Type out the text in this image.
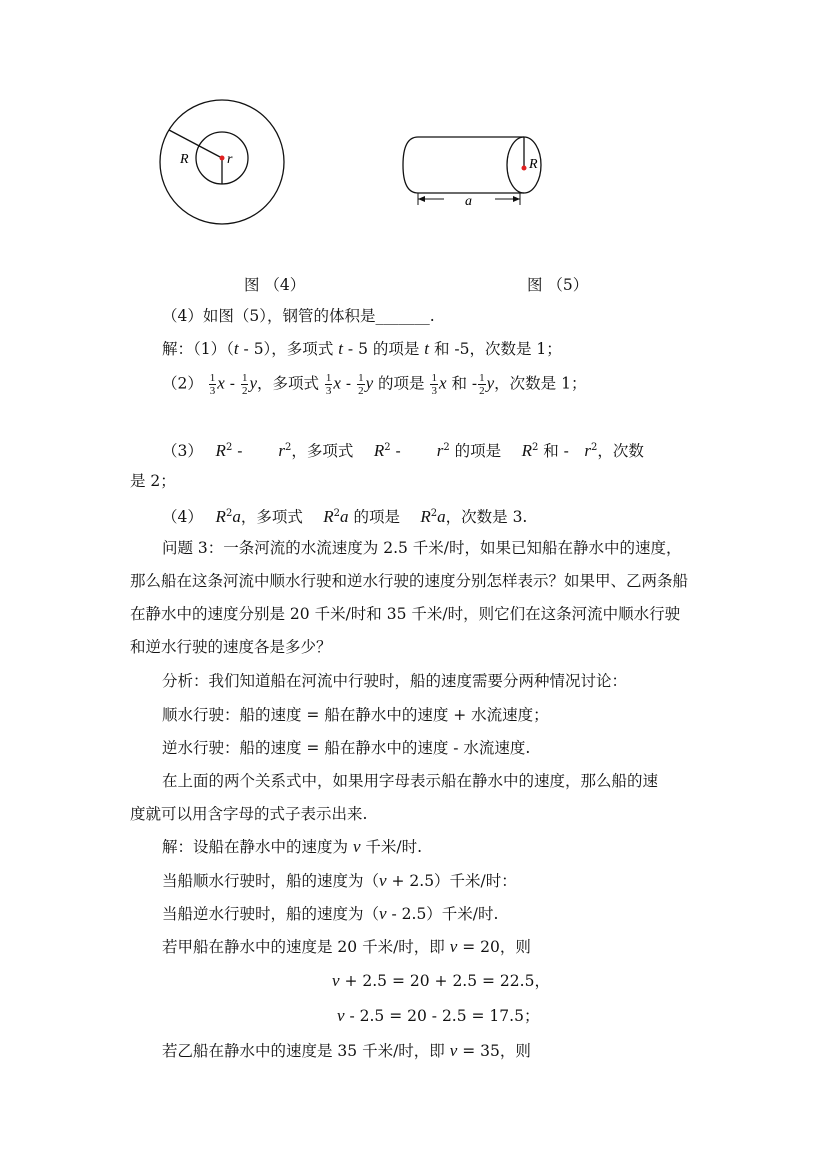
R	r	R
a
图 （4）	图 （5）
（4）如图（5），钢管的体积是_______.
解：（1）（t - 5），多项式 t - 5 的项是 t 和 -5，次数是 1；
$(2) \frac{1}{3}$ x - $\frac{1}{2}$ y，多项式 $\frac{1}{3}$ x - $\frac{1}{2}$ y 的项是 $\frac{1}{3}$ x 和 - $\frac{1}{2}$ y，次数是 1；
（3）　 $R^2$ -　　 $r^2$，多项式　 $R^2$ -　　 $r^2$ 的项是　 $R^2$ 和 -　$r^2$，次数
是 2；
（4）　 $R^2a$，多项式　 $R^2a$ 的项是　 $R^2a$，次数是 3.
问题 3：一条河流的水流速度为 2.5 千米/时，如果已知船在静水中的速度，
那么船在这条河流中顺水行驶和逆水行驶的速度分别怎样表示？如果甲、乙两条船
在静水中的速度分别是 20 千米/时和 35 千米/时，则它们在这条河流中顺水行驶
和逆水行驶的速度各是多少？
分析：我们知道船在河流中行驶时，船的速度需要分两种情况讨论：
顺水行驶：船的速度 = 船在静水中的速度 + 水流速度；
逆水行驶：船的速度 = 船在静水中的速度 - 水流速度.
在上面的两个关系式中，如果用字母表示船在静水中的速度，那么船的速
度就可以用含字母的式子表示出来.
解：设船在静水中的速度为 v 千米/时.
当船顺水行驶时，船的速度为（v + 2.5）千米/时：
当船逆水行驶时，船的速度为（v - 2.5）千米/时.
若甲船在静水中的速度是 20 千米/时，即 v = 20，则
v + 2.5 = 20 + 2.5 = 22.5，
v - 2.5 = 20 - 2.5 = 17.5；
若乙船在静水中的速度是 35 千米/时，即 v = 35，则
